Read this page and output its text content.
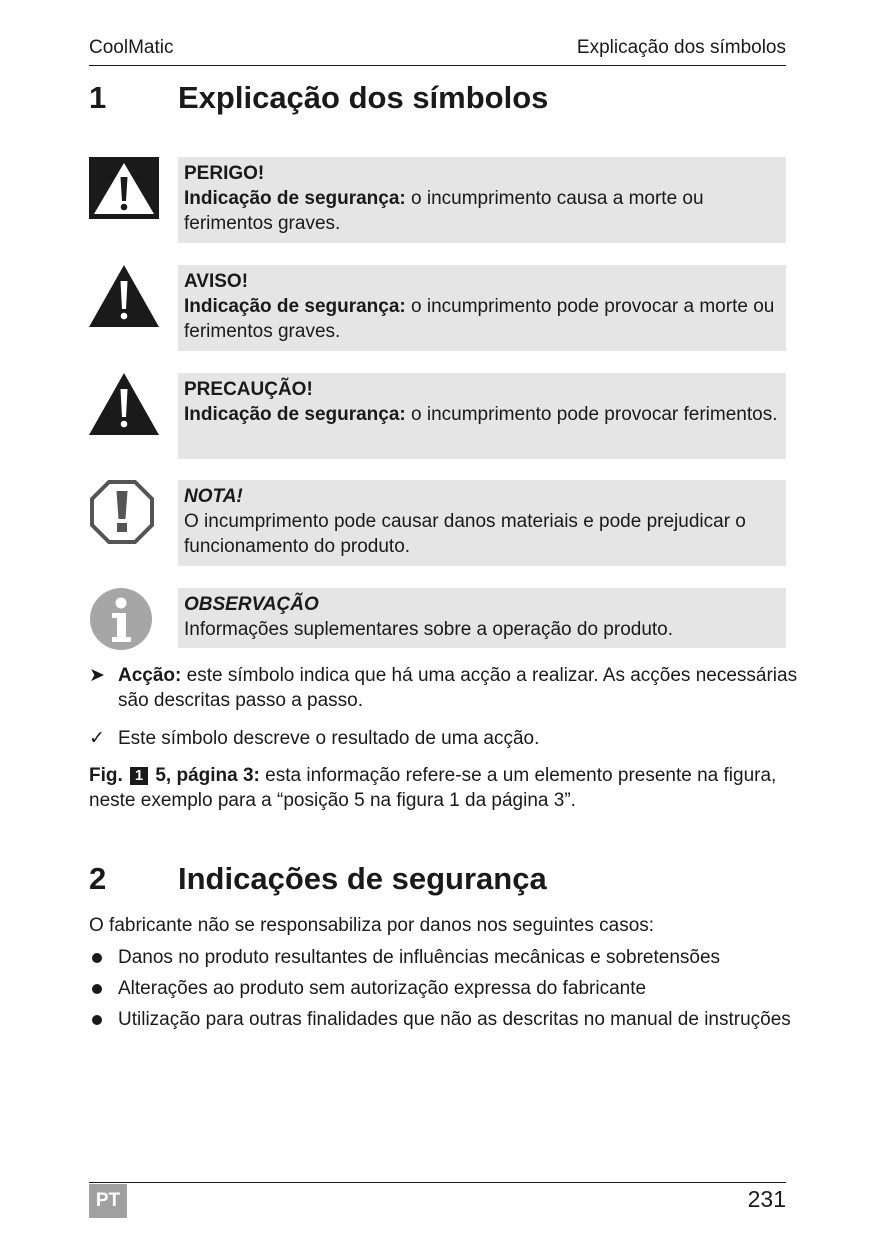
CoolMatic	Explicação dos símbolos
1 Explicação dos símbolos
PERIGO!
Indicação de segurança: o incumprimento causa a morte ou ferimentos graves.
AVISO!
Indicação de segurança: o incumprimento pode provocar a morte ou ferimentos graves.
PRECAUÇÃO!
Indicação de segurança: o incumprimento pode provocar ferimentos.
NOTA!
O incumprimento pode causar danos materiais e pode prejudicar o funcionamento do produto.
OBSERVAÇÃO
Informações suplementares sobre a operação do produto.
➤ Acção: este símbolo indica que há uma acção a realizar. As acções necessárias são descritas passo a passo.
✓ Este símbolo descreve o resultado de uma acção.
Fig. 1 5, página 3: esta informação refere-se a um elemento presente na figura, neste exemplo para a “posição 5 na figura 1 da página 3”.
2 Indicações de segurança
O fabricante não se responsabiliza por danos nos seguintes casos:
Danos no produto resultantes de influências mecânicas e sobretensões
Alterações ao produto sem autorização expressa do fabricante
Utilização para outras finalidades que não as descritas no manual de instruções
PT	231
